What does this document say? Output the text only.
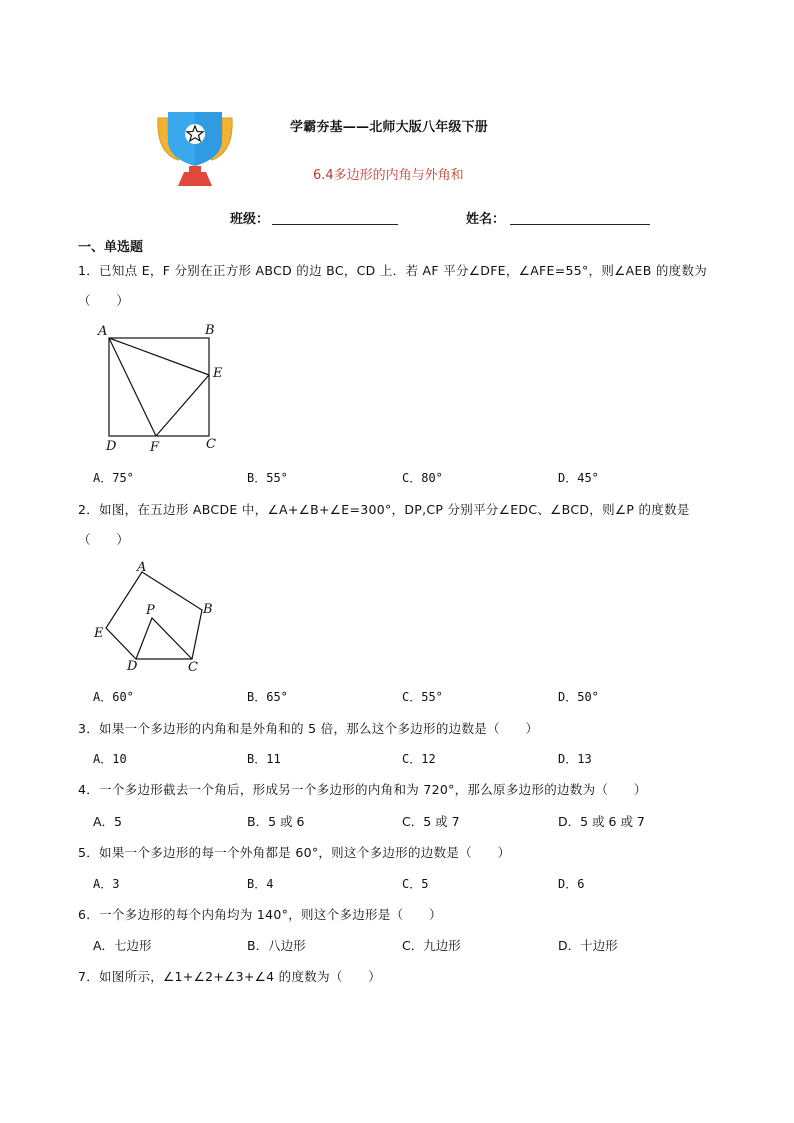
学霸夯基——北师大版八年级下册
6.4多边形的内角与外角和
班级：	姓名：
一、单选题
1．已知点 E，F 分别在正方形 ABCD 的边 BC，CD 上．若 AF 平分∠DFE，∠AFE=55°，则∠AEB 的度数为
（　　）
A	B
E
C
D	F
A．75°	B．55°	C．80°	D．45°
2．如图，在五边形 ABCDE 中，∠A+∠B+∠E=300°，DP,CP 分别平分∠EDC、∠BCD，则∠P 的度数是
（　　）
A
B
C
D
E
P
A．60°	B．65°	C．55°	D．50°
3．如果一个多边形的内角和是外角和的 5 倍，那么这个多边形的边数是（　　）
A．10	B．11	C．12	D．13
4．一个多边形截去一个角后，形成另一个多边形的内角和为 720°，那么原多边形的边数为（　　）
A．5	B．5 或 6	C．5 或 7	D．5 或 6 或 7
5．如果一个多边形的每一个外角都是 60°，则这个多边形的边数是（　　）
A．3	B．4	C．5	D．6
6．一个多边形的每个内角均为 140°，则这个多边形是（　　）
A．七边形	B．八边形	C．九边形	D．十边形
7．如图所示，∠1+∠2+∠3+∠4 的度数为（　　）
